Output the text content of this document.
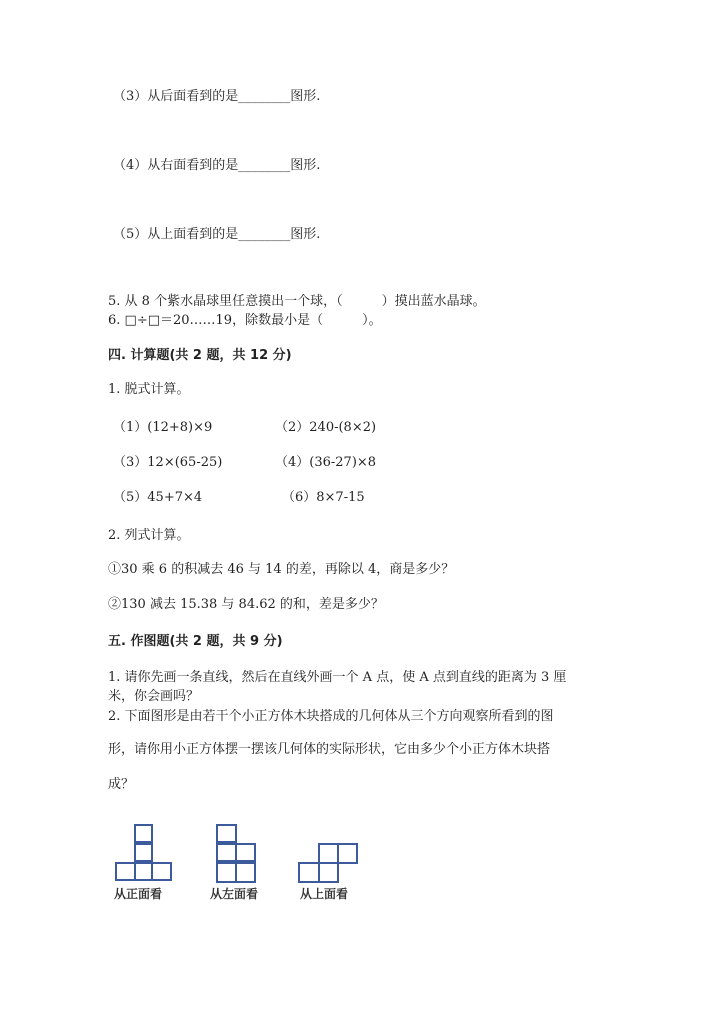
（3）从后面看到的是________图形.
（4）从右面看到的是________图形.
（5）从上面看到的是________图形.
5. 从 8 个紫水晶球里任意摸出一个球，（　　　）摸出蓝水晶球。
6. □÷□＝20……19，除数最小是（　　　）。
四. 计算题(共 2 题，共 12 分)
1. 脱式计算。
（1）(12+8)×9	（2）240-(8×2)
（3）12×(65-25)	（4）(36-27)×8
（5）45+7×4	（6）8×7-15
2. 列式计算。
①30 乘 6 的积减去 46 与 14 的差，再除以 4，商是多少？
②130 减去 15.38 与 84.62 的和，差是多少？
五. 作图题(共 2 题，共 9 分)
1. 请你先画一条直线，然后在直线外画一个 A 点，使 A 点到直线的距离为 3 厘
米，你会画吗？
2. 下面图形是由若干个小正方体木块搭成的几何体从三个方向观察所看到的图
形，请你用小正方体摆一摆该几何体的实际形状，它由多少个小正方体木块搭
成？
从正面看	从左面看	从上面看
